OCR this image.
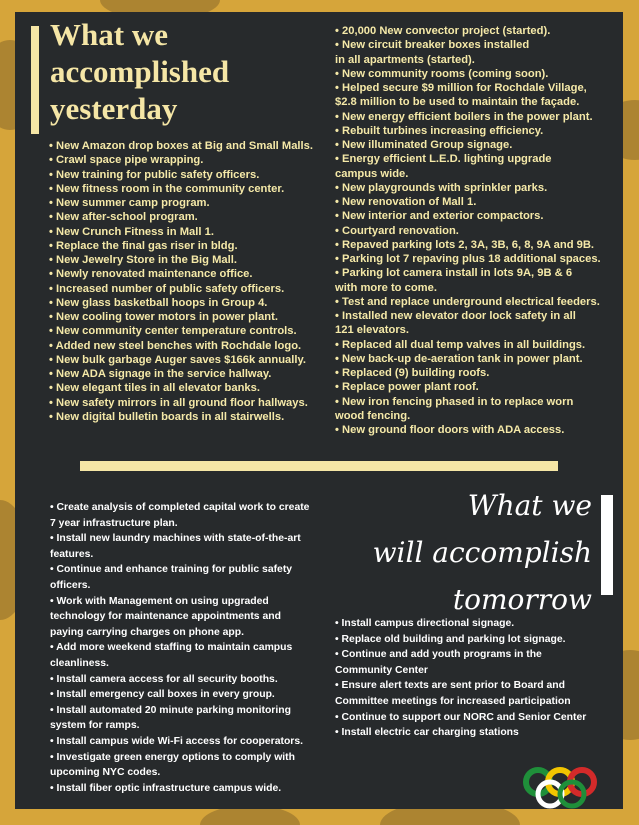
What we
accomplished
yesterday
• New Amazon drop boxes at Big and Small Malls.
• Crawl space pipe wrapping.
• New training for public safety officers.
• New fitness room in the community center.
• New summer camp program.
• New after-school program.
• New Crunch Fitness in Mall 1.
• Replace the final gas riser in bldg.
• New Jewelry Store in the Big Mall.
• Newly renovated maintenance office.
• Increased number of public safety officers.
• New glass basketball hoops in Group 4.
• New cooling tower motors in power plant.
• New community center temperature controls.
• Added new steel benches with Rochdale logo.
• New bulk garbage Auger saves $166k annually.
• New ADA signage in the service hallway.
• New elegant tiles in all elevator banks.
• New safety mirrors in all ground floor hallways.
• New digital bulletin boards in all stairwells.
• 20,000 New convector project (started).
• New circuit breaker boxes installed
in all apartments (started).
• New community rooms (coming soon).
• Helped secure $9 million for Rochdale Village,
$2.8 million to be used to maintain the façade.
• New energy efficient boilers in the power plant.
• Rebuilt turbines increasing efficiency.
• New illuminated Group signage.
• Energy efficient L.E.D. lighting upgrade
campus wide.
• New playgrounds with sprinkler parks.
• New renovation of Mall 1.
• New interior and exterior compactors.
• Courtyard renovation.
• Repaved parking lots 2, 3A, 3B, 6, 8, 9A and 9B.
• Parking lot 7 repaving plus 18 additional spaces.
• Parking lot camera install in lots 9A, 9B & 6
with more to come.
• Test and replace underground electrical feeders.
• Installed new elevator door lock safety in all
121 elevators.
• Replaced all dual temp valves in all buildings.
• New back-up de-aeration tank in power plant.
• Replaced (9) building roofs.
• Replace power plant roof.
• New iron fencing phased in to replace worn
wood fencing.
• New ground floor doors with ADA access.
• Create analysis of completed capital work to create 7 year infrastructure plan.
• Install new laundry machines with state-of-the-art features.
• Continue and enhance training for public safety officers.
• Work with Management on using upgraded technology for maintenance appointments and paying carrying charges on phone app.
• Add more weekend staffing to maintain campus cleanliness.
• Install camera access for all security booths.
• Install emergency call boxes in every group.
• Install automated 20 minute parking monitoring system for ramps.
• Install campus wide Wi-Fi access for cooperators.
• Investigate green energy options to comply with upcoming NYC codes.
• Install fiber optic infrastructure campus wide.
What we
will accomplish
tomorrow
• Install campus directional signage.
• Replace old building and parking lot signage.
• Continue and add youth programs in the Community Center
• Ensure alert texts are sent prior to Board and Committee meetings for increased participation
• Continue to support our NORC and Senior Center
• Install electric car charging stations
